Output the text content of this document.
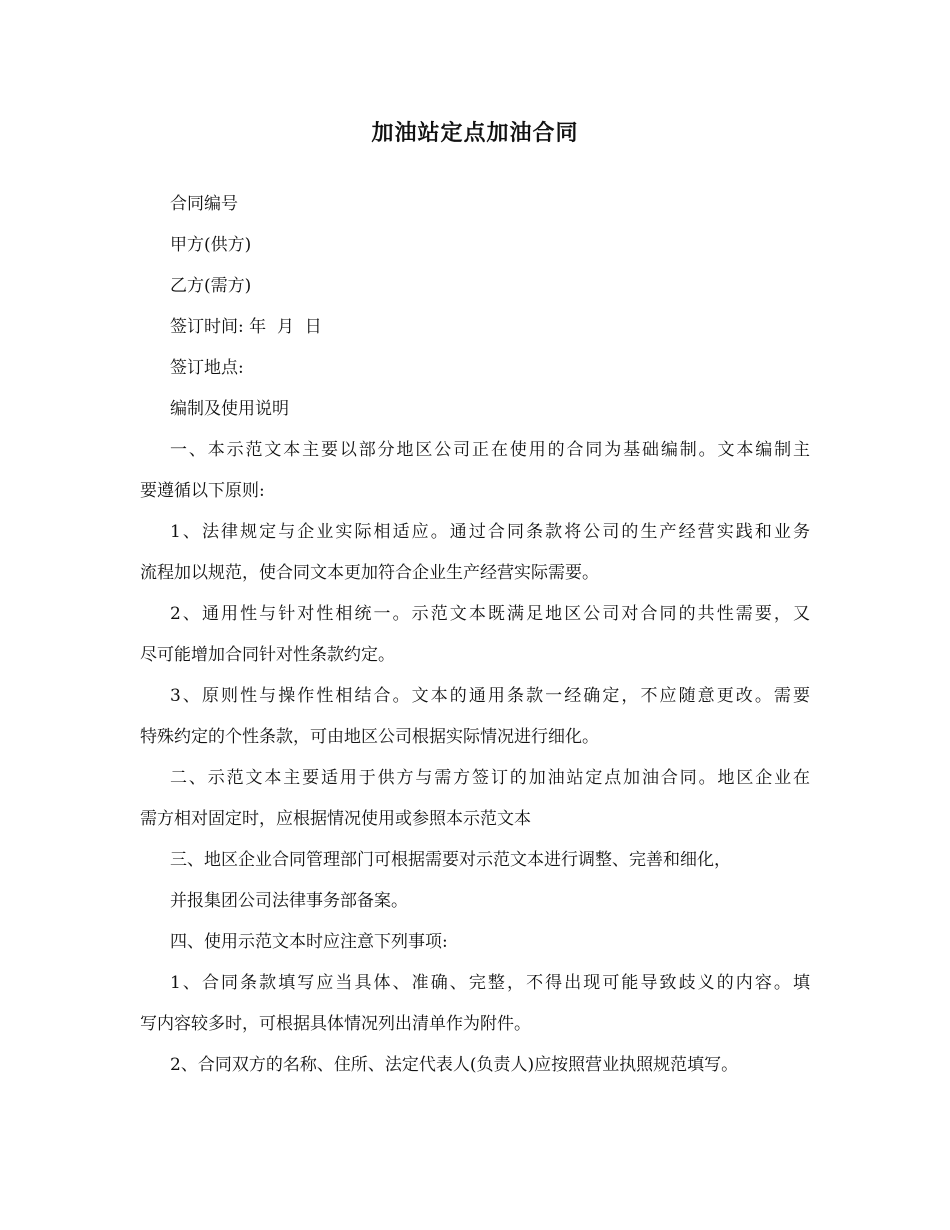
加油站定点加油合同
合同编号
甲方(供方)
乙方(需方)
签订时间: 年  月  日
签订地点:
编制及使用说明
一、本示范文本主要以部分地区公司正在使用的合同为基础编制。文本编制主
要遵循以下原则:
1、法律规定与企业实际相适应。通过合同条款将公司的生产经营实践和业务
流程加以规范，使合同文本更加符合企业生产经营实际需要。
2、通用性与针对性相统一。示范文本既满足地区公司对合同的共性需要，又
尽可能增加合同针对性条款约定。
3、原则性与操作性相结合。文本的通用条款一经确定，不应随意更改。需要
特殊约定的个性条款，可由地区公司根据实际情况进行细化。
二、示范文本主要适用于供方与需方签订的加油站定点加油合同。地区企业在
需方相对固定时，应根据情况使用或参照本示范文本
三、地区企业合同管理部门可根据需要对示范文本进行调整、完善和细化，
并报集团公司法律事务部备案。
四、使用示范文本时应注意下列事项:
1、合同条款填写应当具体、准确、完整，不得出现可能导致歧义的内容。填
写内容较多时，可根据具体情况列出清单作为附件。
2、合同双方的名称、住所、法定代表人(负责人)应按照营业执照规范填写。
